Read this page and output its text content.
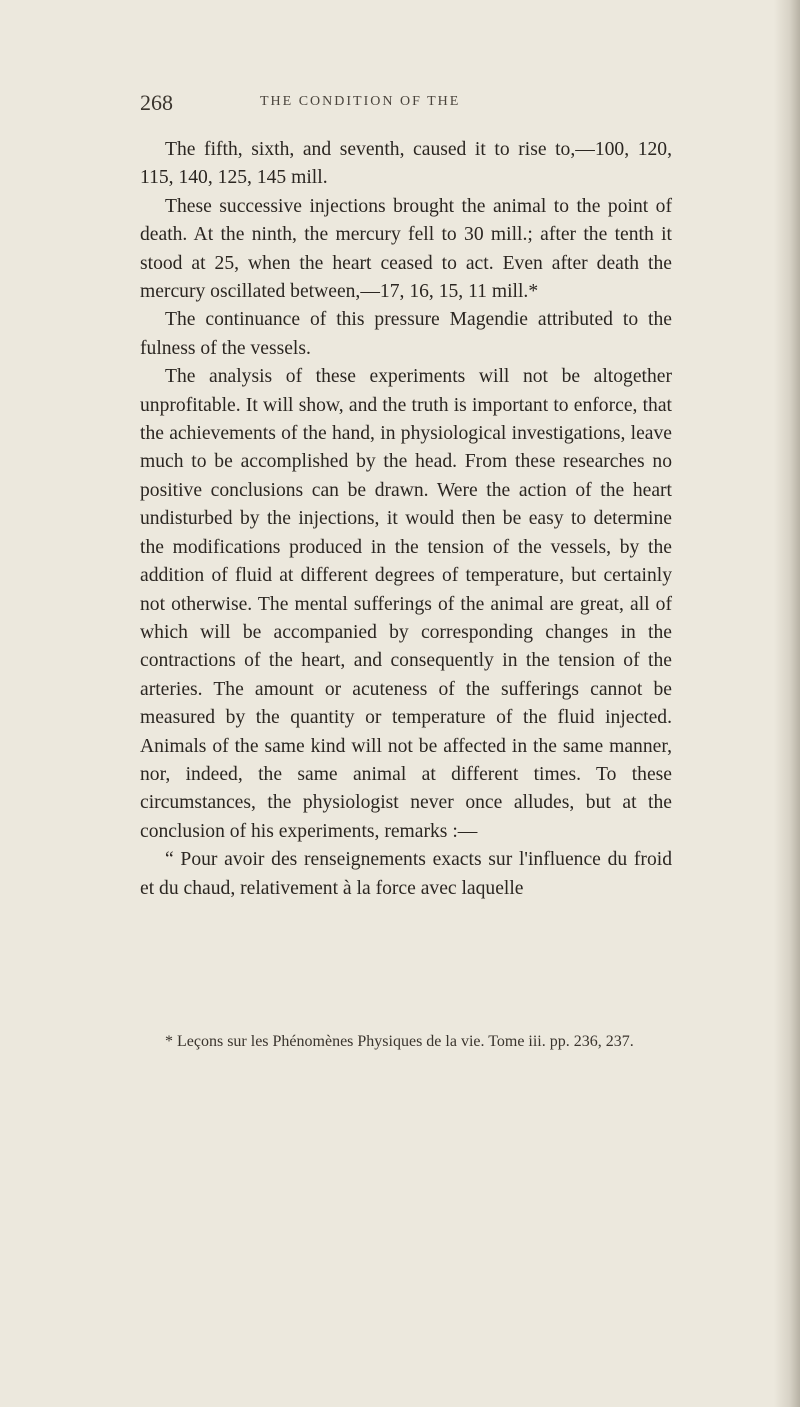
268	THE CONDITION OF THE

The fifth, sixth, and seventh, caused it to rise to,—100, 120, 115, 140, 125, 145 mill.

These successive injections brought the animal to the point of death. At the ninth, the mercury fell to 30 mill.; after the tenth it stood at 25, when the heart ceased to act. Even after death the mercury oscillated between,—17, 16, 15, 11 mill.*

The continuance of this pressure Magendie attributed to the fulness of the vessels.

The analysis of these experiments will not be altogether unprofitable. It will show, and the truth is important to enforce, that the achievements of the hand, in physiological investigations, leave much to be accomplished by the head. From these researches no positive conclusions can be drawn. Were the action of the heart undisturbed by the injections, it would then be easy to determine the modifications produced in the tension of the vessels, by the addition of fluid at different degrees of temperature, but certainly not otherwise. The mental sufferings of the animal are great, all of which will be accompanied by corresponding changes in the contractions of the heart, and consequently in the tension of the arteries. The amount or acuteness of the sufferings cannot be measured by the quantity or temperature of the fluid injected. Animals of the same kind will not be affected in the same manner, nor, indeed, the same animal at different times. To these circumstances, the physiologist never once alludes, but at the conclusion of his experiments, remarks :—

“ Pour avoir des renseignements exacts sur l'influence du froid et du chaud, relativement à la force avec laquelle

* Leçons sur les Phénomènes Physiques de la vie. Tome iii. pp. 236, 237.
